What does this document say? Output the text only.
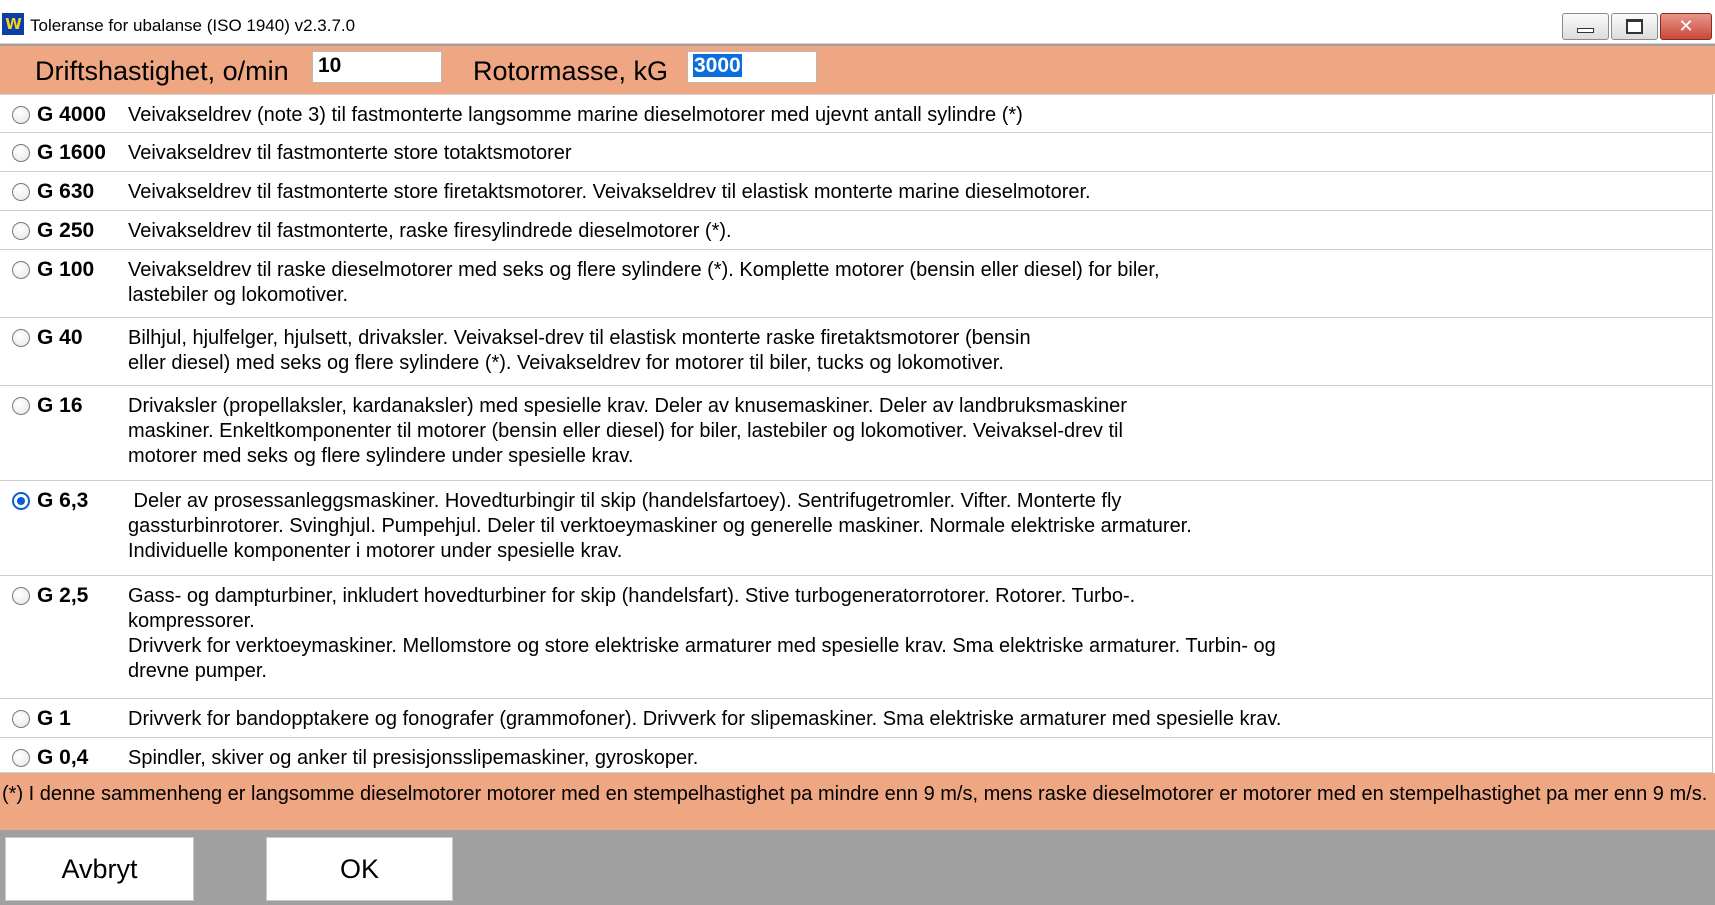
W Toleranse for ubalanse (ISO 1940) v2.3.7.0	✕
Driftshastighet, o/min 10	Rotormasse, kG	3000
G 4000 Veivakseldrev (note 3) til fastmonterte langsomme marine dieselmotorer med ujevnt antall sylindre (*)
G 1600 Veivakseldrev til fastmonterte store totaktsmotorer
G 630 Veivakseldrev til fastmonterte store firetaktsmotorer. Veivakseldrev til elastisk monterte marine dieselmotorer.
G 250 Veivakseldrev til fastmonterte, raske firesylindrede dieselmotorer (*).
G 100 Veivakseldrev til raske dieselmotorer med seks og flere sylindere (*). Komplette motorer (bensin eller diesel) for biler,
lastebiler og lokomotiver.
G 40 Bilhjul, hjulfelger, hjulsett, drivaksler. Veivaksel-drev til elastisk monterte raske firetaktsmotorer (bensin
eller diesel) med seks og flere sylindere (*). Veivakseldrev for motorer til biler, tucks og lokomotiver.
G 16 Drivaksler (propellaksler, kardanaksler) med spesielle krav. Deler av knusemaskiner. Deler av landbruksmaskiner
maskiner. Enkeltkomponenter til motorer (bensin eller diesel) for biler, lastebiler og lokomotiver. Veivaksel-drev til
motorer med seks og flere sylindere under spesielle krav.
G 6,3 Deler av prosessanleggsmaskiner. Hovedturbingir til skip (handelsfartoey). Sentrifugetromler. Vifter. Monterte fly
gassturbinrotorer. Svinghjul. Pumpehjul. Deler til verktoeymaskiner og generelle maskiner. Normale elektriske armaturer.
Individuelle komponenter i motorer under spesielle krav.
G 2,5 Gass- og dampturbiner, inkludert hovedturbiner for skip (handelsfart). Stive turbogeneratorrotorer. Rotorer. Turbo-.
kompressorer.
Drivverk for verktoeymaskiner. Mellomstore og store elektriske armaturer med spesielle krav. Sma elektriske armaturer. Turbin- og
drevne pumper.
G 1	Drivverk for bandopptakere og fonografer (grammofoner). Drivverk for slipemaskiner. Sma elektriske armaturer med spesielle krav.
G 0,4 Spindler, skiver og anker til presisjonsslipemaskiner, gyroskoper.
(*) I denne sammenheng er langsomme dieselmotorer motorer med en stempelhastighet pa mindre enn 9 m/s, mens raske dieselmotorer er motorer med en stempelhastighet pa mer enn 9 m/s.
Avbryt	OK
